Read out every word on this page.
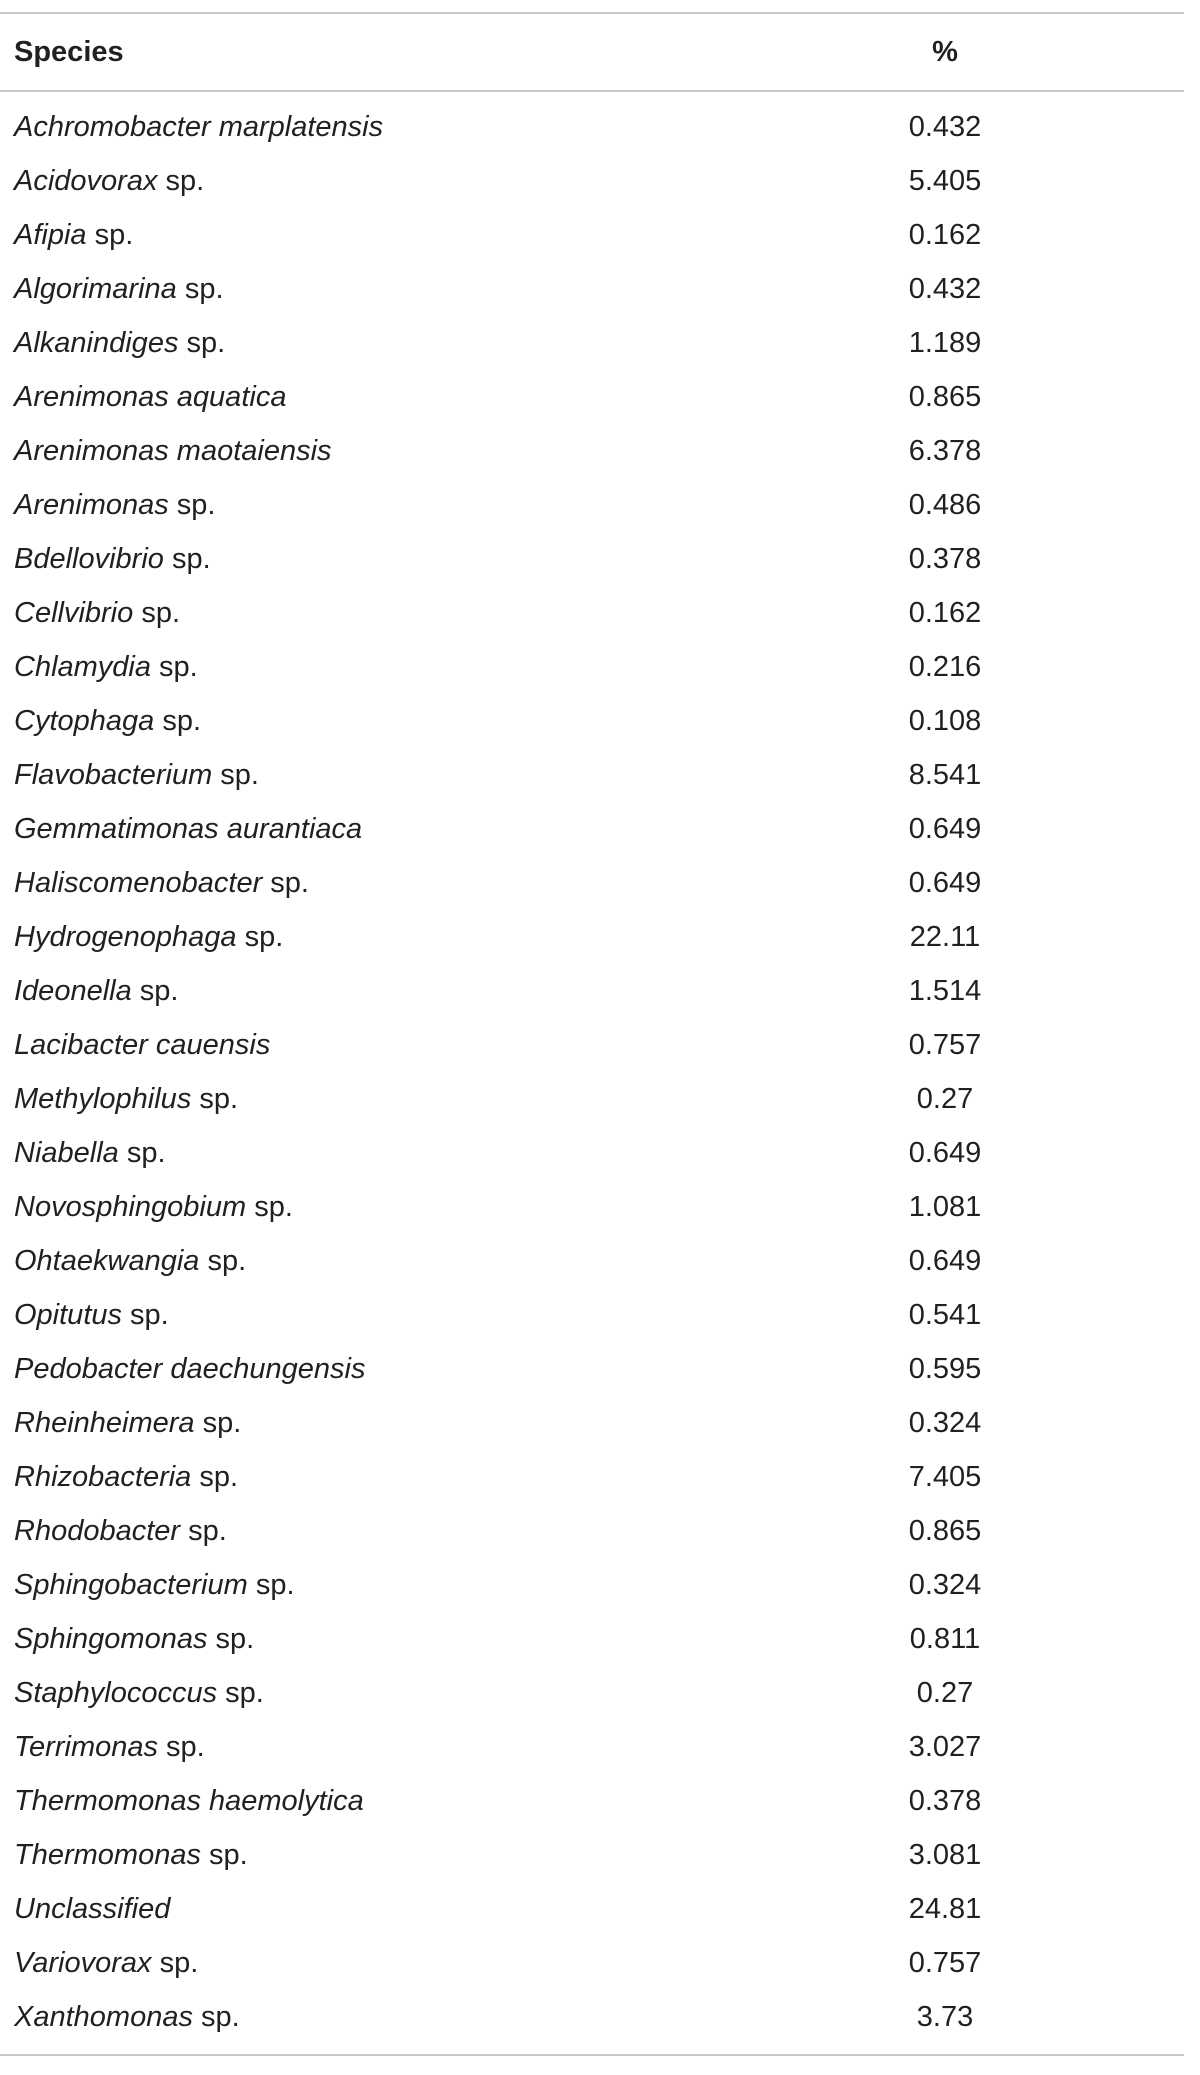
Species	%
Achromobacter marplatensis	0.432
Acidovorax sp.	5.405
Afipia sp.	0.162
Algorimarina sp.	0.432
Alkanindiges sp.	1.189
Arenimonas aquatica	0.865
Arenimonas maotaiensis	6.378
Arenimonas sp.	0.486
Bdellovibrio sp.	0.378
Cellvibrio sp.	0.162
Chlamydia sp.	0.216
Cytophaga sp.	0.108
Flavobacterium sp.	8.541
Gemmatimonas aurantiaca	0.649
Haliscomenobacter sp.	0.649
Hydrogenophaga sp.	22.11
Ideonella sp.	1.514
Lacibacter cauensis	0.757
Methylophilus sp.	0.27
Niabella sp.	0.649
Novosphingobium sp.	1.081
Ohtaekwangia sp.	0.649
Opitutus sp.	0.541
Pedobacter daechungensis	0.595
Rheinheimera sp.	0.324
Rhizobacteria sp.	7.405
Rhodobacter sp.	0.865
Sphingobacterium sp.	0.324
Sphingomonas sp.	0.811
Staphylococcus sp.	0.27
Terrimonas sp.	3.027
Thermomonas haemolytica	0.378
Thermomonas sp.	3.081
Unclassified	24.81
Variovorax sp.	0.757
Xanthomonas sp.	3.73
